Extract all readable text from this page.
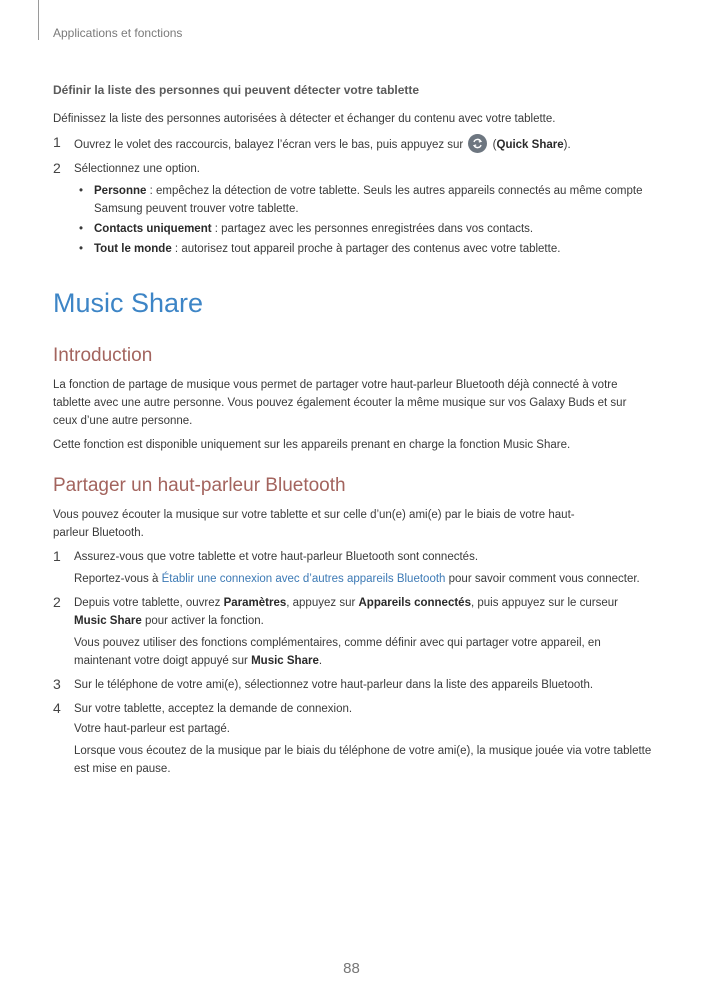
Applications et fonctions
Définir la liste des personnes qui peuvent détecter votre tablette

Définissez la liste des personnes autorisées à détecter et échanger du contenu avec votre tablette.

1 Ouvrez le volet des raccourcis, balayez l’écran vers le bas, puis appuyez sur
(Quick Share).
2 Sélectionnez une option.
• Personne : empêchez la détection de votre tablette. Seuls les autres appareils connectés au même compte Samsung peuvent trouver votre tablette.
• Contacts uniquement : partagez avec les personnes enregistrées dans vos contacts.
• Tout le monde : autorisez tout appareil proche à partager des contenus avec votre tablette.
Music Share
Introduction

La fonction de partage de musique vous permet de partager votre haut-parleur Bluetooth déjà connecté à votre tablette avec une autre personne. Vous pouvez également écouter la même musique sur vos Galaxy Buds et sur ceux d’une autre personne.

Cette fonction est disponible uniquement sur les appareils prenant en charge la fonction Music Share.

Partager un haut-parleur Bluetooth

Vous pouvez écouter la musique sur votre tablette et sur celle d’un(e) ami(e) par le biais de votre haut-parleur Bluetooth.

1 Assurez-vous que votre tablette et votre haut-parleur Bluetooth sont connectés.

Reportez-vous à Établir une connexion avec d’autres appareils Bluetooth pour savoir comment vous connecter.

2 Depuis votre tablette, ouvrez Paramètres, appuyez sur Appareils connectés, puis appuyez sur le curseur Music Share pour activer la fonction.

Vous pouvez utiliser des fonctions complémentaires, comme définir avec qui partager votre appareil, en maintenant votre doigt appuyé sur Music Share.

3 Sur le téléphone de votre ami(e), sélectionnez votre haut-parleur dans la liste des appareils Bluetooth.

4 Sur votre tablette, acceptez la demande de connexion.

Votre haut-parleur est partagé.

Lorsque vous écoutez de la musique par le biais du téléphone de votre ami(e), la musique jouée via votre tablette est mise en pause.

88
